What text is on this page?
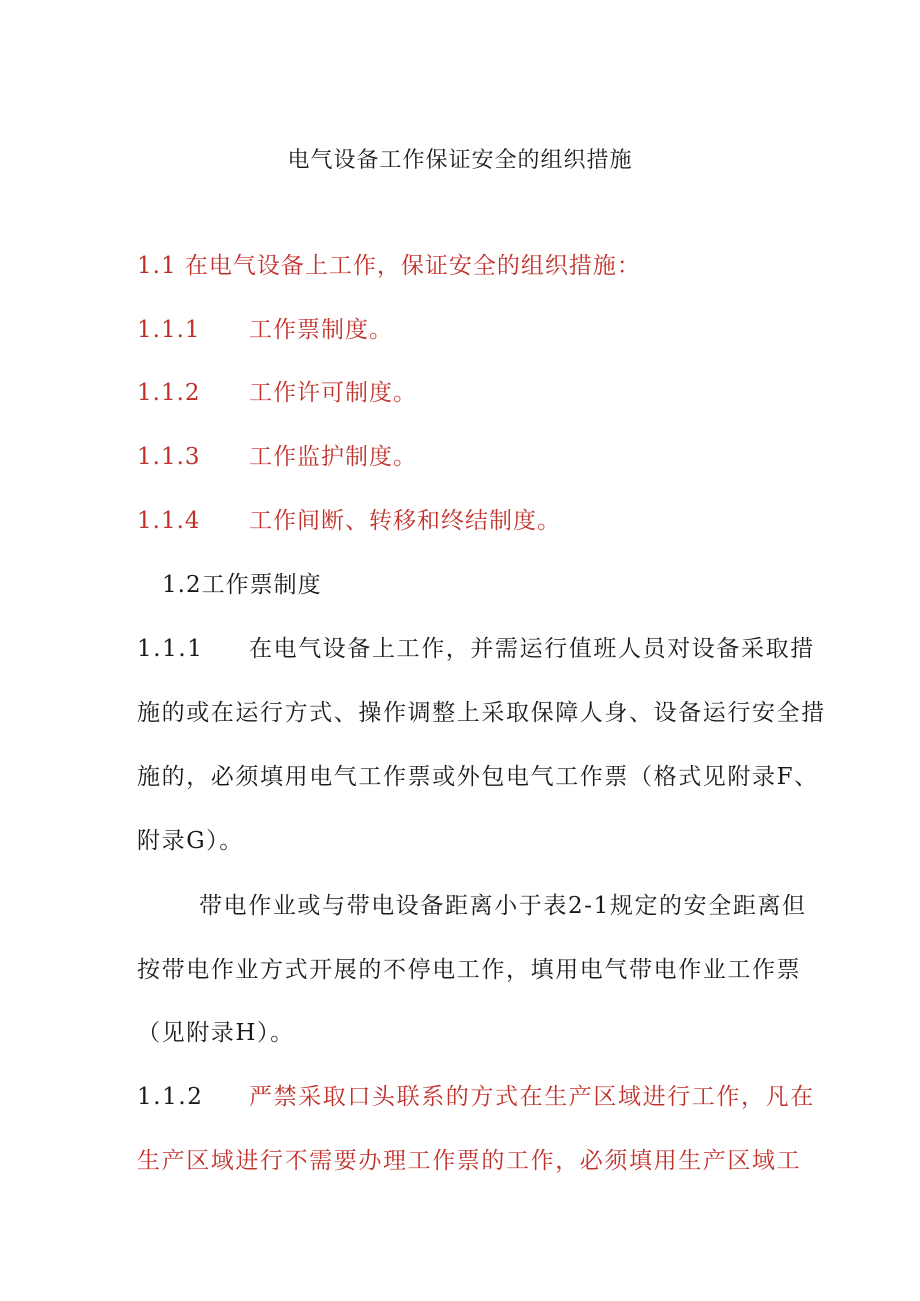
电气设备工作保证安全的组织措施
1.1 在电气设备上工作，保证安全的组织措施：
1.1.1 工作票制度。
1.1.2 工作许可制度。
1.1.3 工作监护制度。
1.1.4 工作间断、转移和终结制度。
1.2工作票制度
1.1.1 在电气设备上工作，并需运行值班人员对设备采取措
施的或在运行方式、操作调整上采取保障人身、设备运行安全措
施的，必须填用电气工作票或外包电气工作票（格式见附录F、
附录G）。
带电作业或与带电设备距离小于表2-1规定的安全距离但
按带电作业方式开展的不停电工作，填用电气带电作业工作票
（见附录H）。
1.1.2 严禁采取口头联系的方式在生产区域进行工作，凡在
生产区域进行不需要办理工作票的工作，必须填用生产区域工
